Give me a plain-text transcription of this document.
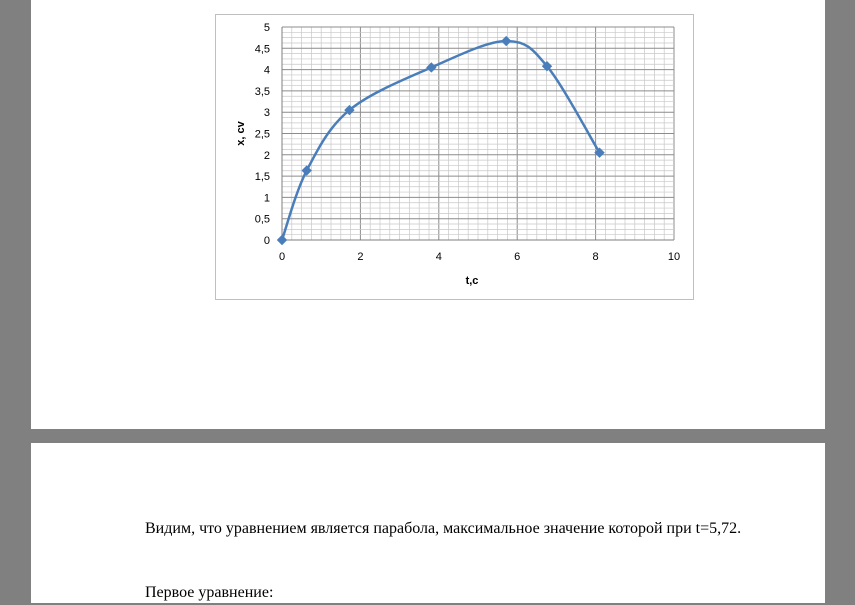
0
0,5
1
1,5
2
2,5
3
3,5
4
4,5
5
0	2	4	6	8	10
t,c
x, cv

Видим, что уравнением является парабола, максимальное значение которой при t=5,72.

Первое уравнение:
